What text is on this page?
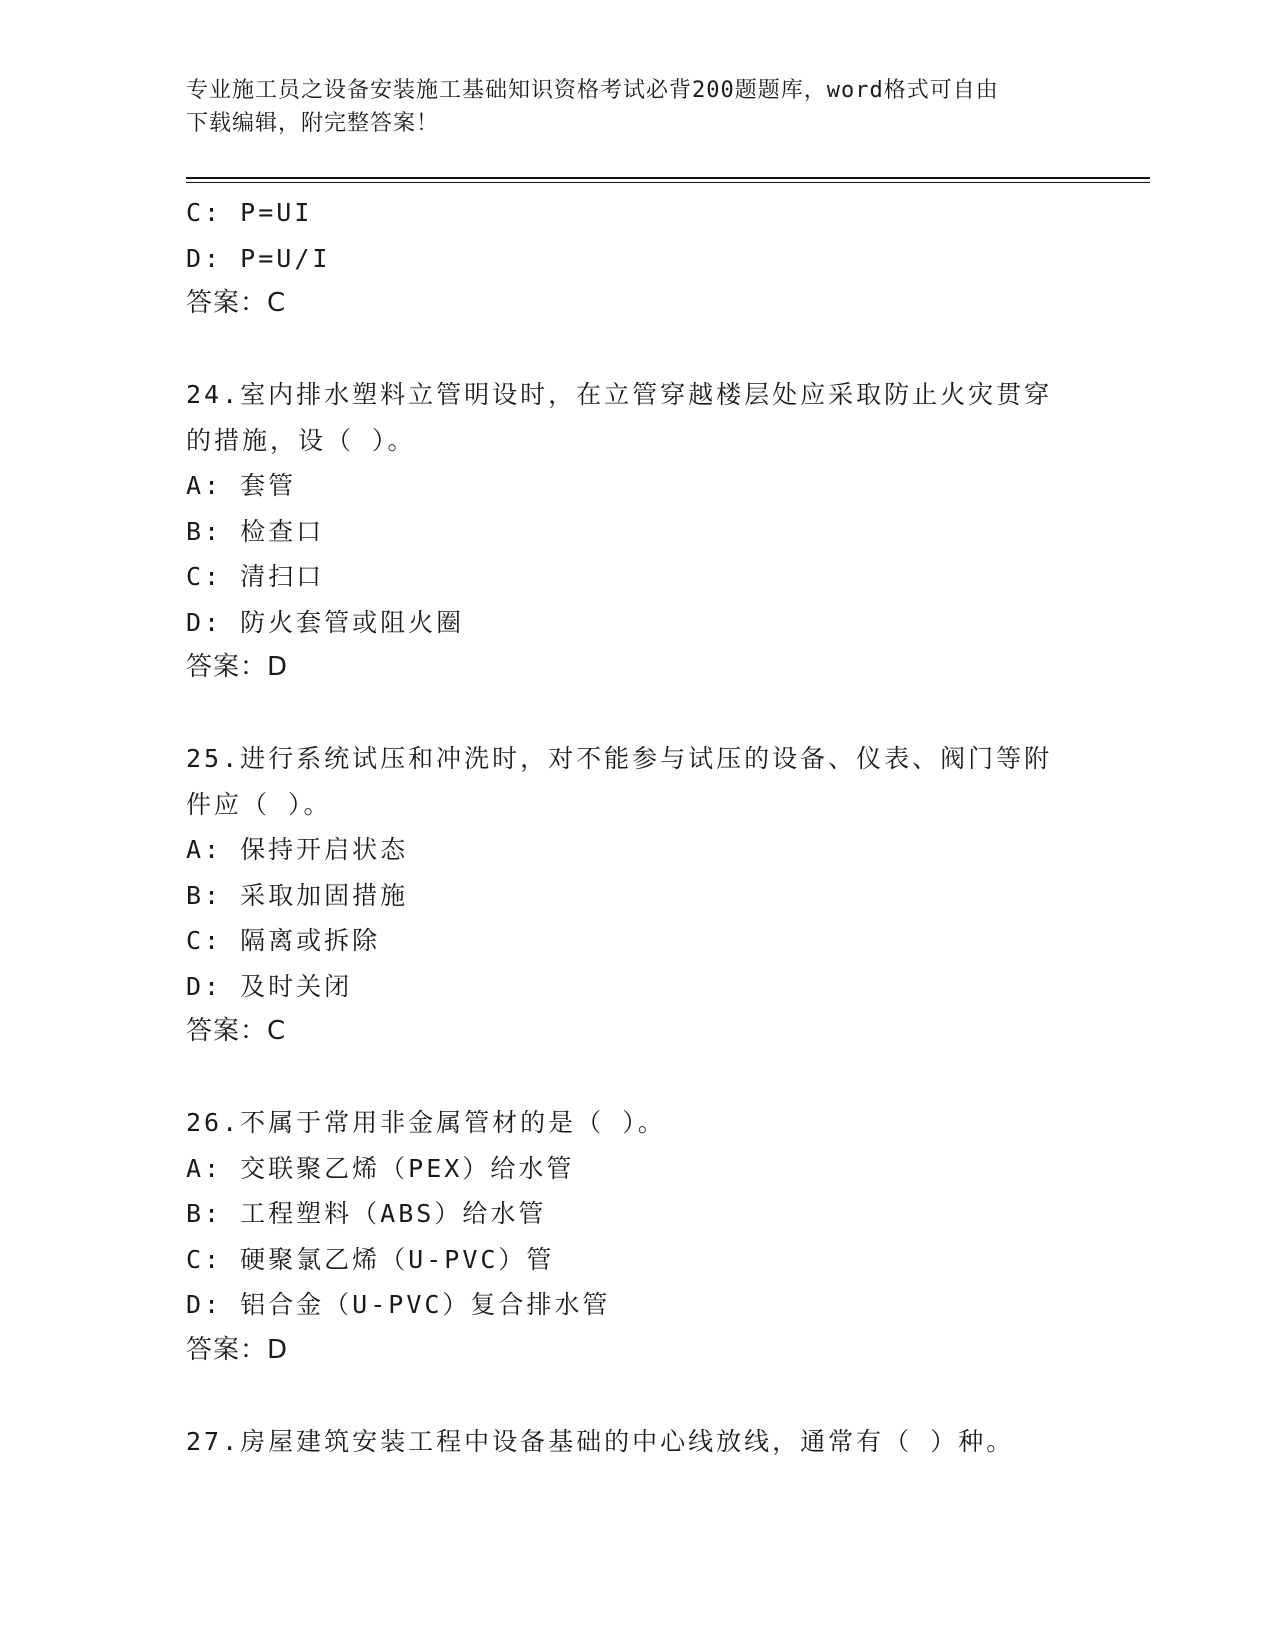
专业施工员之设备安装施工基础知识资格考试必背200题题库，word格式可自由
下载编辑，附完整答案！
C: P=UI
D: P=U/I
答案：C
24.室内排水塑料立管明设时，在立管穿越楼层处应采取防止火灾贯穿
的措施，设（ ）。
A: 套管
B: 检查口
C: 清扫口
D: 防火套管或阻火圈
答案：D
25.进行系统试压和冲洗时，对不能参与试压的设备、仪表、阀门等附
件应（ ）。
A: 保持开启状态
B: 采取加固措施
C: 隔离或拆除
D: 及时关闭
答案：C
26.不属于常用非金属管材的是（ ）。
A: 交联聚乙烯（PEX）给水管
B: 工程塑料（ABS）给水管
C: 硬聚氯乙烯（U-PVC）管
D: 铝合金（U-PVC）复合排水管
答案：D
27.房屋建筑安装工程中设备基础的中心线放线，通常有（ ）种。
